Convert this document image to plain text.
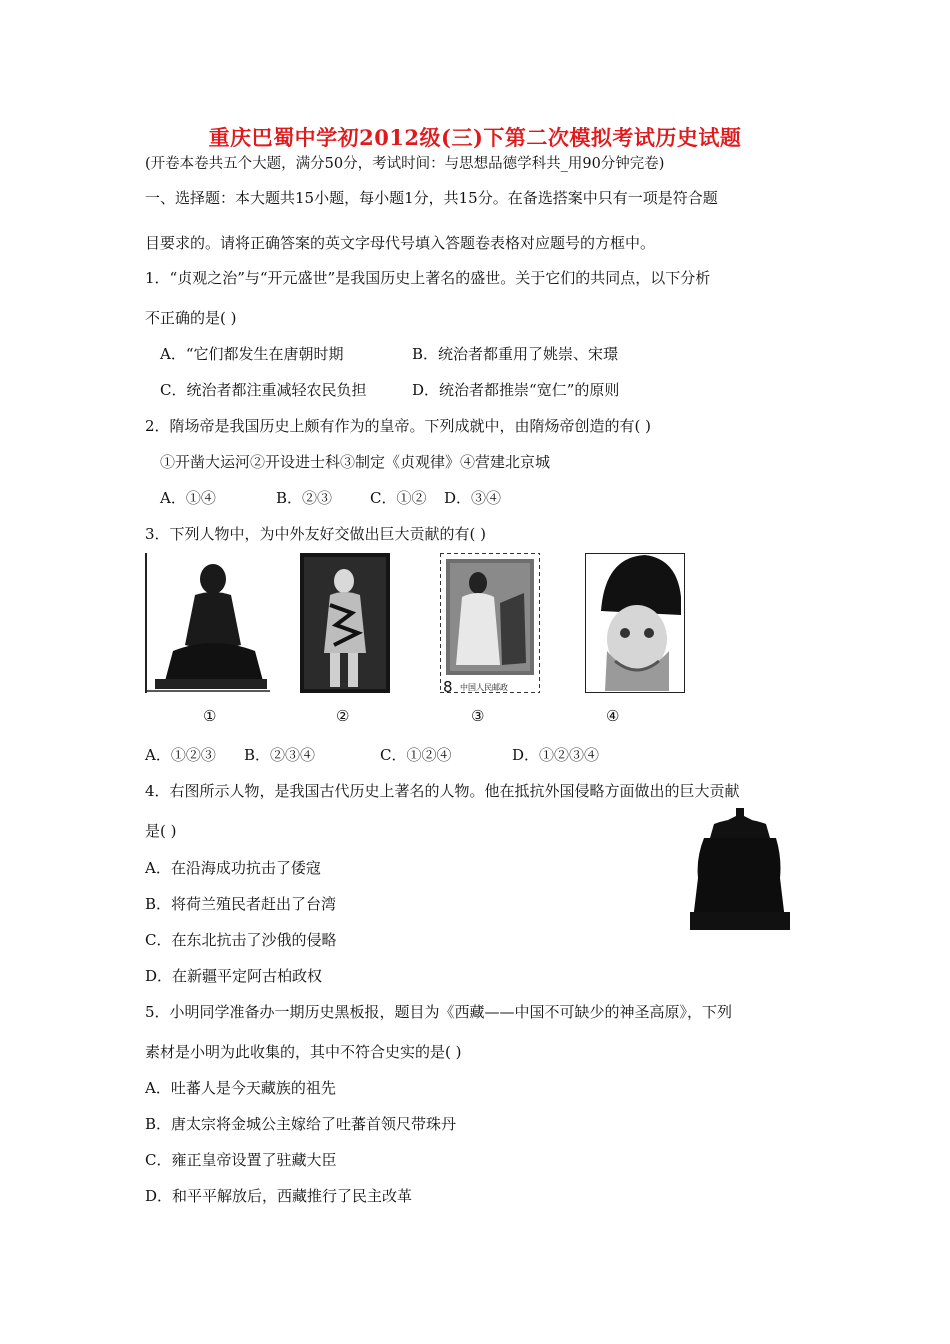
重庆巴蜀中学初2012级(三)下第二次模拟考试历史试题
(开卷本卷共五个大题，满分50分，考试时间：与思想品德学科共_用90分钟完卷)
一、选择题：本大题共15小题，每小题1分，共15分。在备选搭案中只有一项是符合题
目要求的。请将正确答案的英文字母代号填入答题卷表格对应题号的方框中。
1．“贞观之治”与“开元盛世”是我国历史上著名的盛世。关于它们的共同点，以下分析
不正确的是( )
A．“它们都发生在唐朝时期	B．统治者都重用了姚崇、宋璟
C．统治者都注重减轻农民负担	D．统治者都推崇“宽仁”的原则
2．隋场帝是我国历史上颇有作为的皇帝。下列成就中，由隋炀帝创造的有( )
①开凿大运河②开设进士科③制定《贞观律》④营建北京城
A．①④	B．②③	C．①② D．③④
3．下列人物中，为中外友好交做出巨大贡献的有( )
8 中国人民邮政
①	②	③	④
A．①②③ B．②③④	C．①②④	D．①②③④
4．右图所示人物，是我国古代历史上著名的人物。他在抵抗外国侵略方面做出的巨大贡献
是( )
A．在沿海成功抗击了倭寇
B．将荷兰殖民者赶出了台湾
C．在东北抗击了沙俄的侵略
D．在新疆平定阿古柏政权
5．小明同学准备办一期历史黑板报，题目为《西藏——中国不可缺少的神圣高原》，下列
素材是小明为此收集的，其中不符合史实的是( )
A．吐蕃人是今天藏族的祖先
B．唐太宗将金城公主嫁给了吐蕃首领尺带珠丹
C．雍正皇帝设置了驻藏大臣
D．和平平解放后，西藏推行了民主改革
